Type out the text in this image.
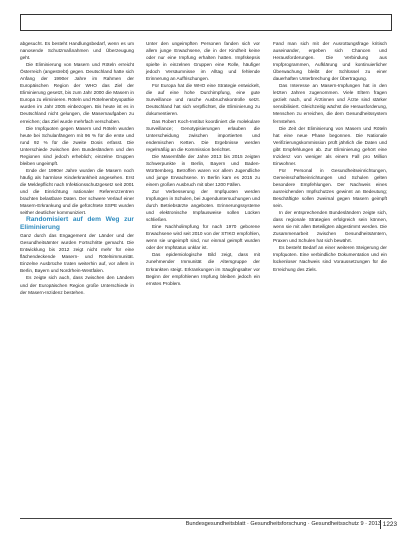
abgesucht. Es besteht Handlungsbedarf, wenn es um nanosende Schutzmaßnahmen und Überzeugung geht.

Die Eliminierung von Masern und Röteln erreicht Österreich (angestrebt) gegen. Deutschland hatte sich Anfang der 1990er Jahre im Rahmen der Europäischen Region der WHO das Ziel der Eliminierung gesetzt, bis zum Jahr 2000 die Masern in Europa zu eliminieren. Röteln und Rötelnembryopathie wurden im Jahr 2005 einbezogen. Bis heute ist es in Deutschland nicht gelungen, die Masernaufgaben zu erreichen; das Ziel wurde mehrfach verschoben.

Die Impfquoten gegen Masern und Röteln wurden heute bei Schulanfängern mit 96 % für die erste und rund 92 % für die zweite Dosis erfasst. Die Unterschiede zwischen den Bundesländern und den Regionen sind jedoch erheblich; einzelne Gruppen bleiben ungeimpft.

Ende der 1990er Jahre wurden die Masern noch häufig als harmlose Kinderkrankheit angesehen. Erst die Meldepflicht nach Infektionsschutzgesetz seit 2001 und die Einrichtung nationaler Referenzzentren brachten belastbare Daten. Der schwere Verlauf einer Masern-Erkrankung und die gefürchtete SSPE wurden seither deutlicher kommuniziert.

Randomisiert auf dem Weg zur Eliminierung

Ganz durch das Engagement der Länder und der Gesundheitsämter wurden Fortschritte gemacht. Die Entwicklung bis 2012 zeigt nicht mehr für eine flächendeckende Masern- und Rötelnimmunität. Einzelne Ausbrüche traten weiterhin auf, vor allem in Berlin, Bayern und Nordrhein-Westfalen.

Es zeigte sich auch, dass zwischen den Ländern und der Europäischen Region große Unterschiede in der Masern-Inzidenz bestehen.

Unter den ungeimpften Personen fanden sich vor allem junge Erwachsene, die in der Kindheit keine oder nur eine Impfung erhalten hatten. Impfskepsis spielte in einzelnen Gruppen eine Rolle, häufiger jedoch Versäumnisse im Alltag und fehlende Erinnerung an Auffrischungen.

Für Europa hat die WHO eine Strategie entwickelt, die auf eine hohe Durchimpfung, eine gute Surveillance und rasche Ausbruchskontrolle setzt. Deutschland hat sich verpflichtet, die Eliminierung zu dokumentieren.

Das Robert Koch-Institut koordiniert die molekulare Surveillance; Genotypisierungen erlauben die Unterscheidung zwischen importierten und endemischen Ketten. Die Ergebnisse werden regelmäßig an die Kommission berichtet.

Die Masernfälle der Jahre 2013 bis 2015 zeigten Schwerpunkte in Berlin, Bayern und Baden-Württemberg. Betroffen waren vor allem Jugendliche und junge Erwachsene. In Berlin kam es 2015 zu einem großen Ausbruch mit über 1200 Fällen.

Zur Verbesserung der Impfquoten werden Impfungen in Schulen, bei Jugenduntersuchungen und durch Betriebsärzte angeboten. Erinnerungssysteme und elektronische Impfausweise sollen Lücken schließen.

Eine Nachholimpfung für nach 1970 geborene Erwachsene wird seit 2010 von der STIKO empfohlen, wenn sie ungeimpft sind, nur einmal geimpft wurden oder der Impfstatus unklar ist.

Das epidemiologische Bild zeigt, dass mit zunehmender Immunität die Altersgruppe der Erkrankten steigt. Erkrankungen im Säuglingsalter vor Beginn der empfohlenen Impfung bleiben jedoch ein ernstes Problem.

Fand man sich mit der Ausrottungsfrage kritisch auseinander, ergeben sich Chancen und Herausforderungen. Die Verbindung aus Impfprogrammen, Aufklärung und kontinuierlicher Überwachung bleibt der Schlüssel zu einer dauerhaften Unterbrechung der Übertragung.

Das Interesse an Masern-Impfungen hat in den letzten Jahren zugenommen. Viele Eltern fragen gezielt nach, und Ärztinnen und Ärzte sind stärker sensibilisiert. Gleichzeitig wächst die Herausforderung, Menschen zu erreichen, die dem Gesundheitssystem fernstehen.

Die Zeit der Eliminierung von Masern und Röteln hat eine neue Phase begonnen. Die Nationale Verifizierungskommission prüft jährlich die Daten und gibt Empfehlungen ab. Zur Eliminierung gehört eine Inzidenz von weniger als einem Fall pro Million Einwohner.

Für Personal in Gesundheitseinrichtungen, Gemeinschaftseinrichtungen und Schulen gelten besondere Empfehlungen. Der Nachweis eines ausreichenden Impfschutzes gewinnt an Bedeutung; Beschäftigte sollen zweimal gegen Masern geimpft sein.

In der entsprechenden Bundesländern zeigte sich, dass regionale Strategien erfolgreich sein können, wenn sie mit allen Beteiligten abgestimmt werden. Die Zusammenarbeit zwischen Gesundheitsämtern, Praxen und Schulen hat sich bewährt.

Es besteht Bedarf an einer weiteren Steigerung der Impfquoten. Eine verbindliche Dokumentation und ein lückenloser Nachweis sind Voraussetzungen für die Erreichung des Ziels.

Bundesgesundheitsblatt · Gesundheitsforschung · Gesundheitsschutz 9 · 2013 1223
